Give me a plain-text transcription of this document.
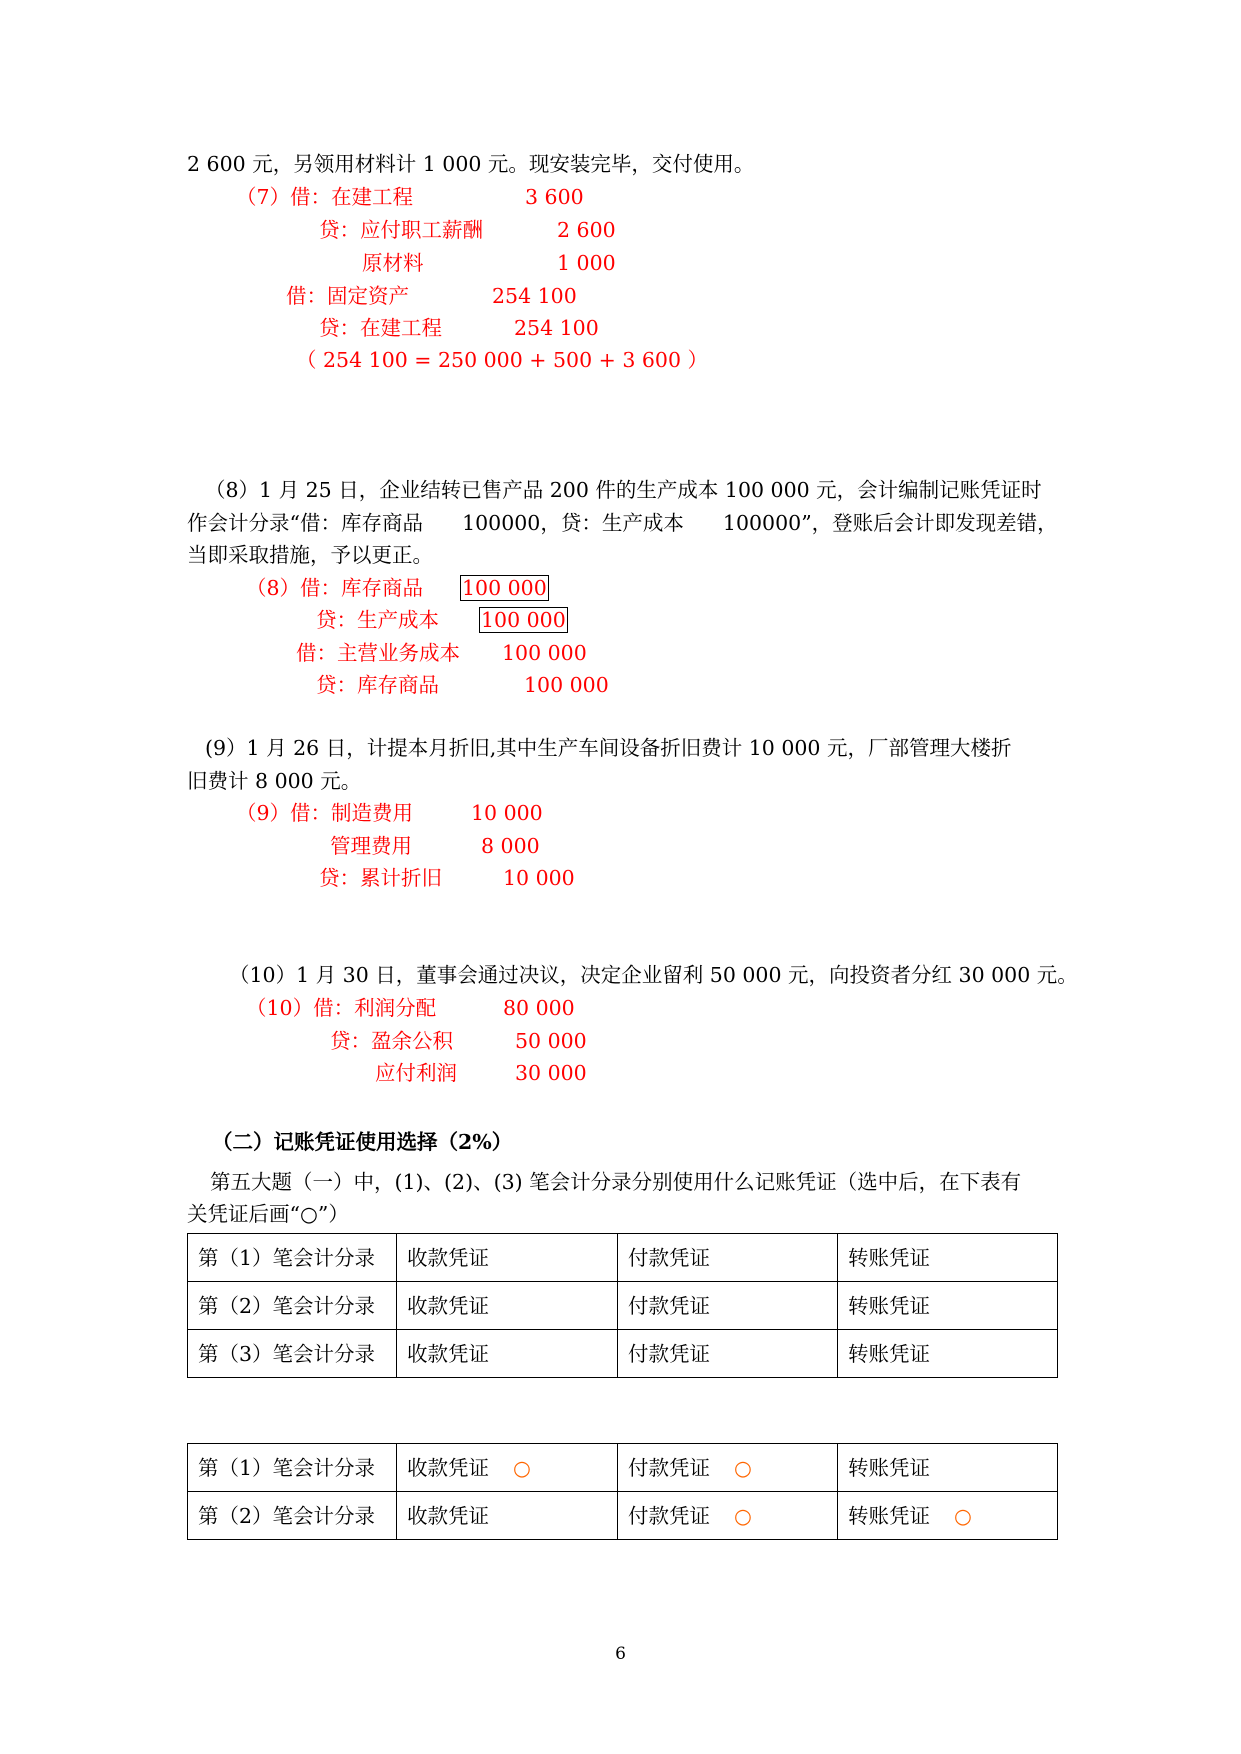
2 600 元，另领用材料计 1 000 元。现安装完毕，交付使用。
（7）借：在建工程	3 600
贷：应付职工薪酬	2 600
原材料	1 000
借：固定资产	254 100
贷：在建工程	254 100
（ 254 100 = 250 000 + 500 + 3 600 ）
（8）1 月 25 日，企业结转已售产品 200 件的生产成本 100 000 元，会计编制记账凭证时
作会计分录“借：库存商品      100000，贷：生产成本      100000”，登账后会计即发现差错，
当即采取措施，予以更正。
（8）借：库存商品 100 000
贷：生产成本 100 000
借：主营业务成本 100 000
贷：库存商品	100 000
(9）1 月 26 日，计提本月折旧,其中生产车间设备折旧费计 10 000 元，厂部管理大楼折
旧费计 8 000 元。
（9）借：制造费用	10 000
管理费用	8 000
贷：累计折旧	10 000
（10）1 月 30 日，董事会通过决议，决定企业留利 50 000 元，向投资者分红 30 000 元。
（10）借：利润分配	80 000
贷：盈余公积	50 000
应付利润	30 000
（二）记账凭证使用选择（2%）
第五大题（一）中，(1)、(2)、(3) 笔会计分录分别使用什么记账凭证（选中后，在下表有
关凭证后画“○”）
第（1）笔会计分录	收款凭证	付款凭证	转账凭证
第（2）笔会计分录	收款凭证	付款凭证	转账凭证
第（3）笔会计分录	收款凭证	付款凭证	转账凭证
第（1）笔会计分录	收款凭证 ○	付款凭证 ○	转账凭证
第（2）笔会计分录	收款凭证	付款凭证 ○	转账凭证 ○
6
